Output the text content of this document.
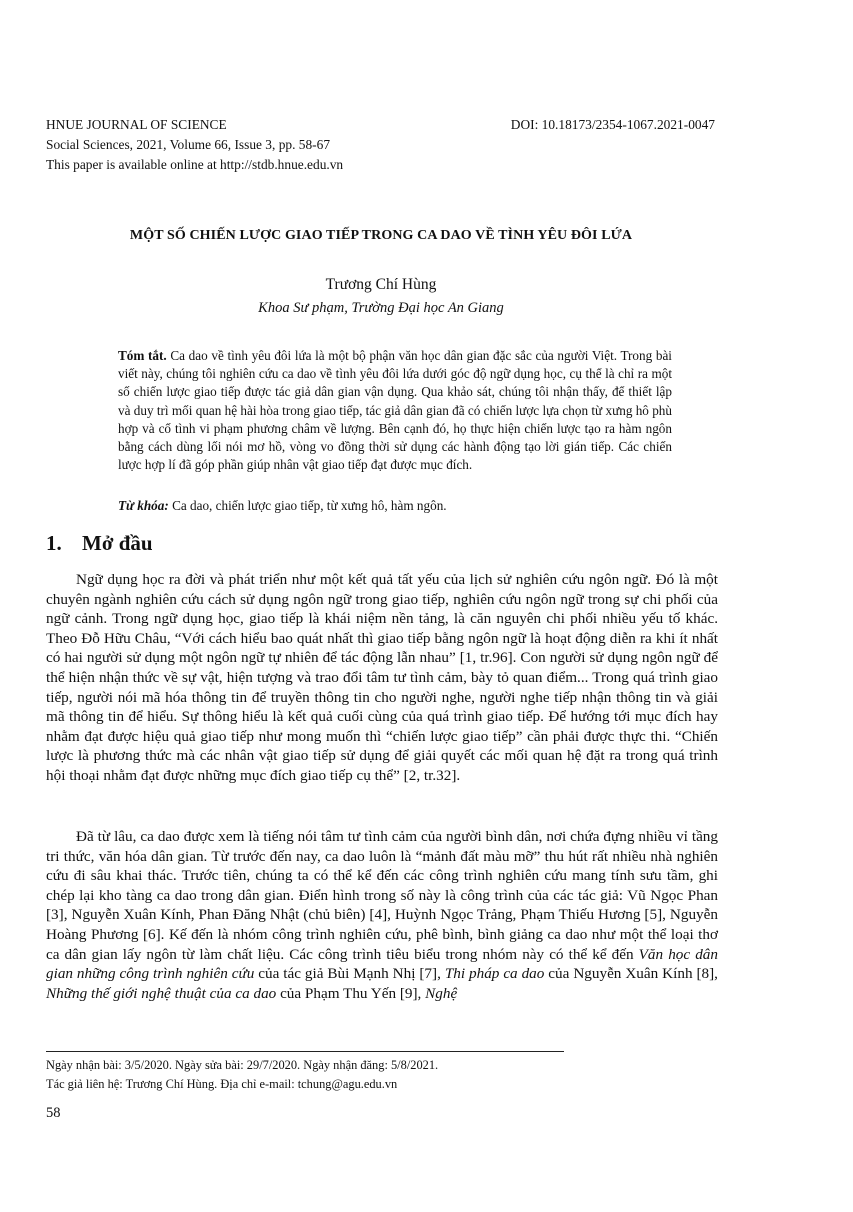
HNUE JOURNAL OF SCIENCE
Social Sciences, 2021, Volume 66, Issue 3, pp. 58-67
This paper is available online at http://stdb.hnue.edu.vn
DOI: 10.18173/2354-1067.2021-0047
MỘT SỐ CHIẾN LƯỢC GIAO TIẾP TRONG CA DAO VỀ TÌNH YÊU ĐÔI LỨA
Trương Chí Hùng
Khoa Sư phạm, Trường Đại học An Giang
Tóm tắt. Ca dao về tình yêu đôi lứa là một bộ phận văn học dân gian đặc sắc của người Việt. Trong bài viết này, chúng tôi nghiên cứu ca dao về tình yêu đôi lứa dưới góc độ ngữ dụng học, cụ thể là chỉ ra một số chiến lược giao tiếp được tác giả dân gian vận dụng. Qua khảo sát, chúng tôi nhận thấy, để thiết lập và duy trì mối quan hệ hài hòa trong giao tiếp, tác giả dân gian đã có chiến lược lựa chọn từ xưng hô phù hợp và cố tình vi phạm phương châm về lượng. Bên cạnh đó, họ thực hiện chiến lược tạo ra hàm ngôn bằng cách dùng lối nói mơ hồ, vòng vo đồng thời sử dụng các hành động tạo lời gián tiếp. Các chiến lược hợp lí đã góp phần giúp nhân vật giao tiếp đạt được mục đích.
Từ khóa: Ca dao, chiến lược giao tiếp, từ xưng hô, hàm ngôn.
1. Mở đầu

Ngữ dụng học ra đời và phát triển như một kết quả tất yếu của lịch sử nghiên cứu ngôn ngữ. Đó là một chuyên ngành nghiên cứu cách sử dụng ngôn ngữ trong giao tiếp, nghiên cứu ngôn ngữ trong sự chi phối của ngữ cảnh. Trong ngữ dụng học, giao tiếp là khái niệm nền tảng, là căn nguyên chi phối nhiều yếu tố khác. Theo Đỗ Hữu Châu, “Với cách hiểu bao quát nhất thì giao tiếp bằng ngôn ngữ là hoạt động diễn ra khi ít nhất có hai người sử dụng một ngôn ngữ tự nhiên để tác động lẫn nhau” [1, tr.96]. Con người sử dụng ngôn ngữ để thể hiện nhận thức về sự vật, hiện tượng và trao đổi tâm tư tình cảm, bày tỏ quan điểm... Trong quá trình giao tiếp, người nói mã hóa thông tin để truyền thông tin cho người nghe, người nghe tiếp nhận thông tin và giải mã thông tin để hiểu. Sự thông hiểu là kết quả cuối cùng của quá trình giao tiếp. Để hướng tới mục đích hay nhằm đạt được hiệu quả giao tiếp như mong muốn thì “chiến lược giao tiếp” cần phải được thực thi. “Chiến lược là phương thức mà các nhân vật giao tiếp sử dụng để giải quyết các mối quan hệ đặt ra trong quá trình hội thoại nhằm đạt được những mục đích giao tiếp cụ thể” [2, tr.32].

Đã từ lâu, ca dao được xem là tiếng nói tâm tư tình cảm của người bình dân, nơi chứa đựng nhiều vỉ tầng tri thức, văn hóa dân gian. Từ trước đến nay, ca dao luôn là “mảnh đất màu mỡ” thu hút rất nhiều nhà nghiên cứu đi sâu khai thác. Trước tiên, chúng ta có thể kể đến các công trình nghiên cứu mang tính sưu tầm, ghi chép lại kho tàng ca dao trong dân gian. Điển hình trong số này là công trình của các tác giả: Vũ Ngọc Phan [3], Nguyễn Xuân Kính, Phan Đăng Nhật (chủ biên) [4], Huỳnh Ngọc Trảng, Phạm Thiếu Hương [5], Nguyễn Hoàng Phương [6]. Kế đến là nhóm công trình nghiên cứu, phê bình, bình giảng ca dao như một thể loại thơ ca dân gian lấy ngôn từ làm chất liệu. Các công trình tiêu biểu trong nhóm này có thể kể đến Văn học dân gian những công trình nghiên cứu của tác giả Bùi Mạnh Nhị [7], Thi pháp ca dao của Nguyễn Xuân Kính [8], Những thế giới nghệ thuật của ca dao của Phạm Thu Yến [9], Nghệ

Ngày nhận bài: 3/5/2020. Ngày sửa bài: 29/7/2020. Ngày nhận đăng: 5/8/2021.
Tác giả liên hệ: Trương Chí Hùng. Địa chỉ e-mail: tchung@agu.edu.vn
58
